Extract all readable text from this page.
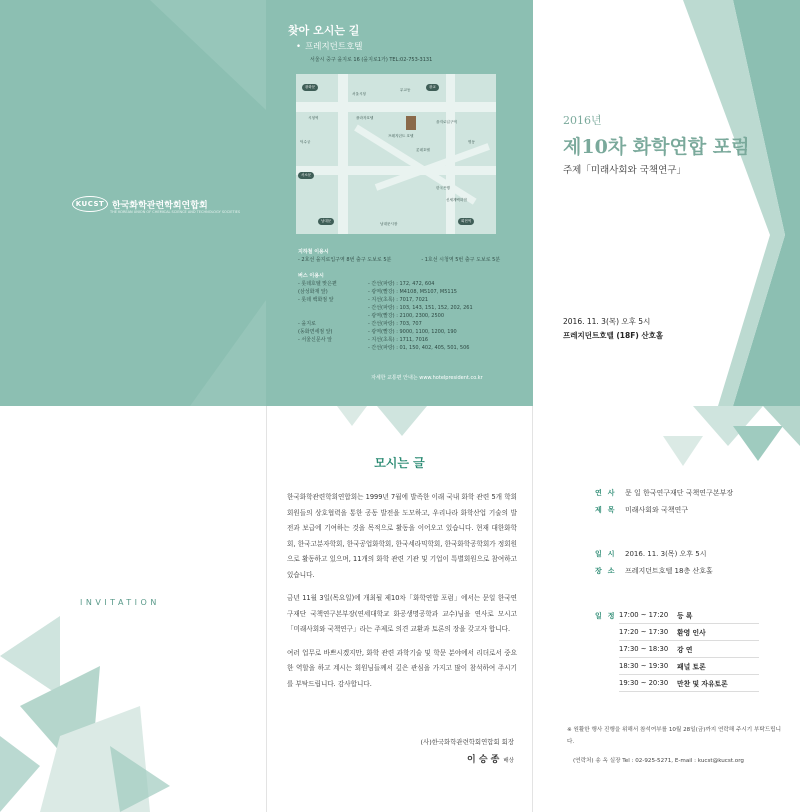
KUCST 한국화학관련학회연합회
THE KOREAN UNION OF CHEMICAL SCIENCE AND TECHNOLOGY SOCIETIES
찾아 오시는 길
• 프레지던트호텔
서울시 중구 을지로 16 (을지로1가) TEL:02-753-3131
광화문
시청역
서울시청
플라자호텔
덕수궁
서소문
남대문
남대문시장
무교동
광교
을지로입구역
프레지던트 호텔
롯데호텔
명동
회현역
한국은행
신세계백화점
지하철 이용시
- 2호선 을지로입구역 8번 출구 도보로 5분	- 1호선 시청역 5번 출구 도보로 5분
버스 이용시
- 롯데호텔 맞은편	- 간선(파랑) : 172, 472, 604
(삼성화재 앞)	- 광역(빨강) : M4108, M5107, M5115
- 롯데 백화점 앞	- 지선(초록) : 7017, 7021
- 간선(파랑) : 103, 143, 151, 152, 202, 261
- 광역(빨강) : 2100, 2300, 2500
- 을지로	- 간선(파랑) : 703, 707
(동화면세점 앞)	- 광역(빨강) : 9000, 1100, 1200, 190
- 서울신문사 앞	- 지선(초록) : 1711, 7016
- 간선(파랑) : 01, 150, 402, 405, 501, 506
자세한 교통편 안내는 www.hotelpresident.co.kr
2016년
제10차 화학연합 포럼
주제「미래사회와 국책연구」
2016. 11. 3(목) 오후 5시
프레지던트호텔 (18F) 산호홀
INVITATION
모시는 글

한국화학관련학회연합회는 1999년 7월에 발족한 이래 국내 화학 관련 5개 학회 회원들의 상호협력을 통한 공동 발전을 도모하고, 우리나라 화학산업 기술의 발전과 보급에 기여하는 것을 목적으로 활동을 이어오고 있습니다. 현재 대한화학회, 한국고분자학회, 한국공업화학회, 한국세라믹학회, 한국화학공학회가 정회원으로 활동하고 있으며, 11개의 화학 관련 기관 및 기업이 특별회원으로 참여하고 있습니다.

금년 11월 3일(목요일)에 개최될 제10차「화학연합 포럼」에서는 문일 한국연구재단 국책연구본부장(연세대학교 화공생명공학과 교수)님을 연사로 모시고「미래사회와 국책연구」라는 주제로 의견 교환과 토론의 장을 갖고자 합니다.

여러 업무로 바쁘시겠지만, 화학 관련 과학기술 및 학문 분야에서 리더로서 중요한 역할을 하고 계시는 회원님들께서 깊은 관심을 가지고 많이 참석하여 주시기를 부탁드립니다. 감사합니다.

(사)한국화학관련학회연합회 회장
이 승 종 배상
연사 문 일 한국연구재단 국책연구본부장
제목 미래사회와 국책연구
일시 2016. 11. 3(목) 오후 5시
장소 프레지던트호텔 18층 산호홀
일정
17:00 ~ 17:20	등 록
17:20 ~ 17:30	환영 인사
17:30 ~ 18:30	강 연
18:30 ~ 19:30	패널 토론
19:30 ~ 20:30	만찬 및 자유토론
※ 원활한 행사 진행을 위해서 참석여부를 10월 28일(금)까지 연락해 주시기 부탁드립니다.
(연락처) 송 옥 실장 Tel : 02-925-5271, E-mail : kucst@kucst.org
